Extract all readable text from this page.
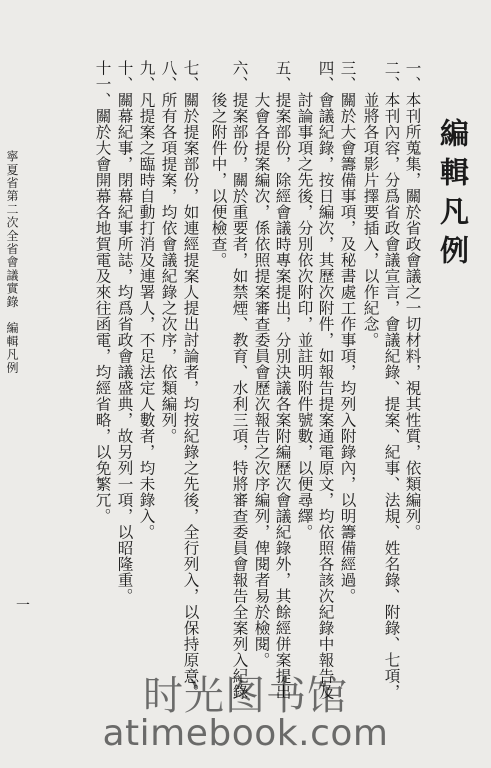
編輯凡例
一、本刊所蒐集，關於省政會議之一切材料，視其性質，依類編列。
二、本刊內容，分爲省政會議宣言，會議紀錄、提案、紀事、法規、姓名錄、附錄、七項，
　　並將各項影片擇要插入，以作紀念。
三、關於大會籌備事項，及秘書處工作事項，均列入附錄內，以明籌備經過。
四、會議紀錄，按日編次，其歷次附件，如報告提案通電原文，均依照各該次紀錄中報告及
　　討論事項之先後，分別依次附印，並註明附件號數，以便尋繹。
五、提案部份，除經會議時專案提出，分別決議各案附編歷次會議紀錄外，其餘經併案提出
　　大會各提案編次，係依照提案審查委員會歷次報告之次序編列，俾閱者易於檢閱。
六、提案部份，關於重要者，如禁煙、教育、水利三項，特將審查委員會報告全案列入紀錄
　　後之附件中，以便檢查。
七、關於提案部份，如連經提案人提出討論者，均按紀錄之先後，全行列入，以保持原意。
八、所有各項提案，均依會議紀錄之次序，依類編列。
九、凡提案之臨時自動打消及連署人，不足法定人數者，均未錄入。
十、關幕紀事，閉幕紀事所誌，均爲省政會議盛典，故另列一項，以昭隆重。
十一、關於大會開幕各地賀電及來往函電，均經省略，以免繁冗。
寧夏省第二次全省會議實錄　編輯凡例
一
时光图书馆
atimebook.com
